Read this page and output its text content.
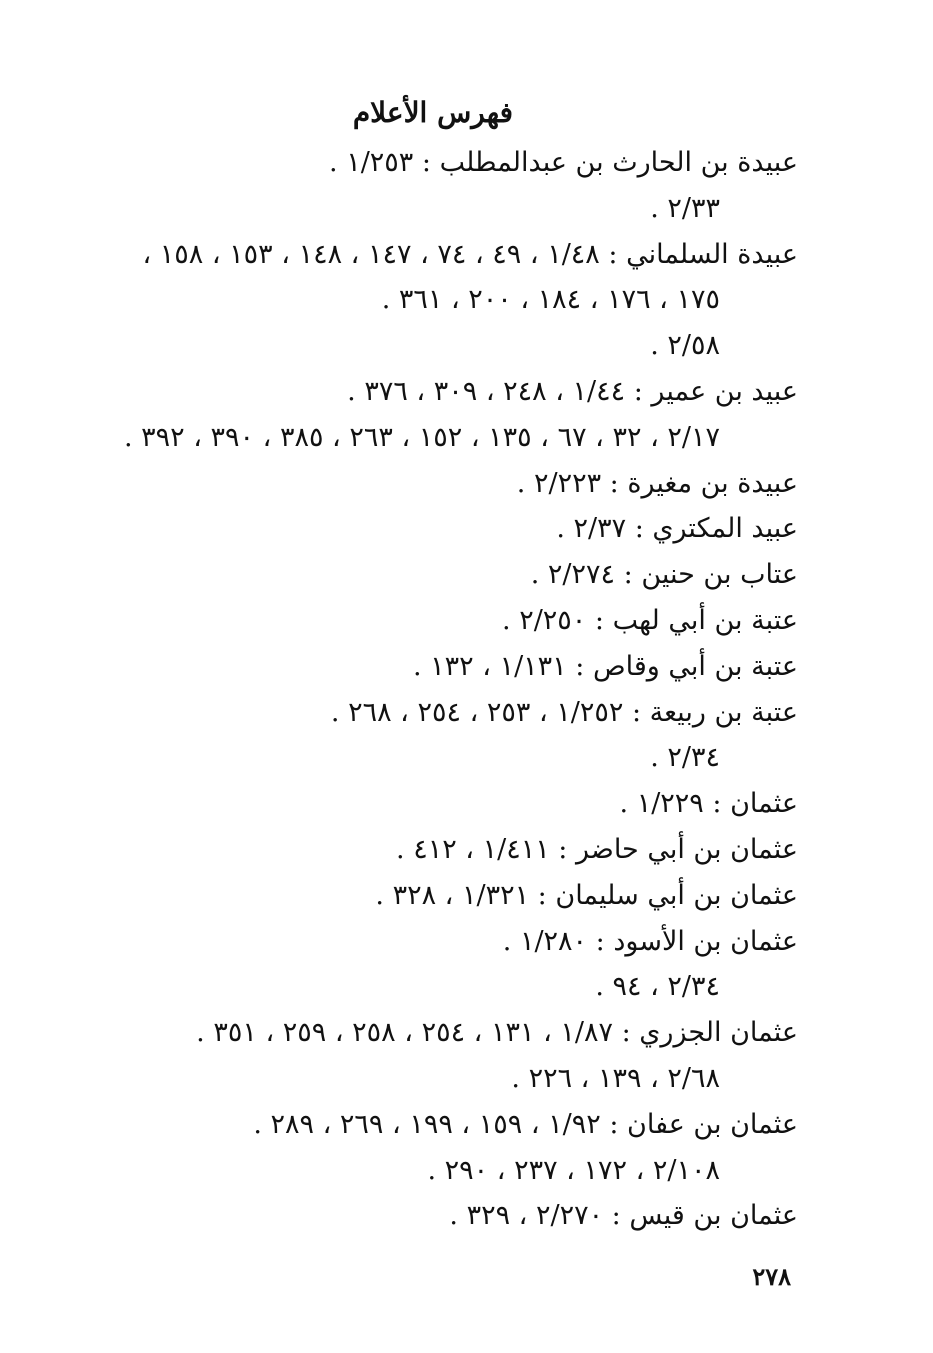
فهرس الأعلام
عبيدة بن الحارث بن عبدالمطلب : ١/٢٥٣ .
٢/٣٣ .
عبيدة السلماني : ١/٤٨ ، ٤٩ ، ٧٤ ، ١٤٧ ، ١٤٨ ، ١٥٣ ، ١٥٨ ،
١٧٥ ، ١٧٦ ، ١٨٤ ، ٢٠٠ ، ٣٦١ .
٢/٥٨ .
عبيد بن عمير : ١/٤٤ ، ٢٤٨ ، ٣٠٩ ، ٣٧٦ .
٢/١٧ ، ٣٢ ، ٦٧ ، ١٣٥ ، ١٥٢ ، ٢٦٣ ، ٣٨٥ ، ٣٩٠ ، ٣٩٢ .
عبيدة بن مغيرة : ٢/٢٢٣ .
عبيد المكتري : ٢/٣٧ .
عتاب بن حنين : ٢/٢٧٤ .
عتبة بن أبي لهب : ٢/٢٥٠ .
عتبة بن أبي وقاص : ١/١٣١ ، ١٣٢ .
عتبة بن ربيعة : ١/٢٥٢ ، ٢٥٣ ، ٢٥٤ ، ٢٦٨ .
٢/٣٤ .
عثمان : ١/٢٢٩ .
عثمان بن أبي حاضر : ١/٤١١ ، ٤١٢ .
عثمان بن أبي سليمان : ١/٣٢١ ، ٣٢٨ .
عثمان بن الأسود : ١/٢٨٠ .
٢/٣٤ ، ٩٤ .
عثمان الجزري : ١/٨٧ ، ١٣١ ، ٢٥٤ ، ٢٥٨ ، ٢٥٩ ، ٣٥١ .
٢/٦٨ ، ١٣٩ ، ٢٢٦ .
عثمان بن عفان : ١/٩٢ ، ١٥٩ ، ١٩٩ ، ٢٦٩ ، ٢٨٩ .
٢/١٠٨ ، ١٧٢ ، ٢٣٧ ، ٢٩٠ .
عثمان بن قيس : ٢/٢٧٠ ، ٣٢٩ .
٢٧٨
